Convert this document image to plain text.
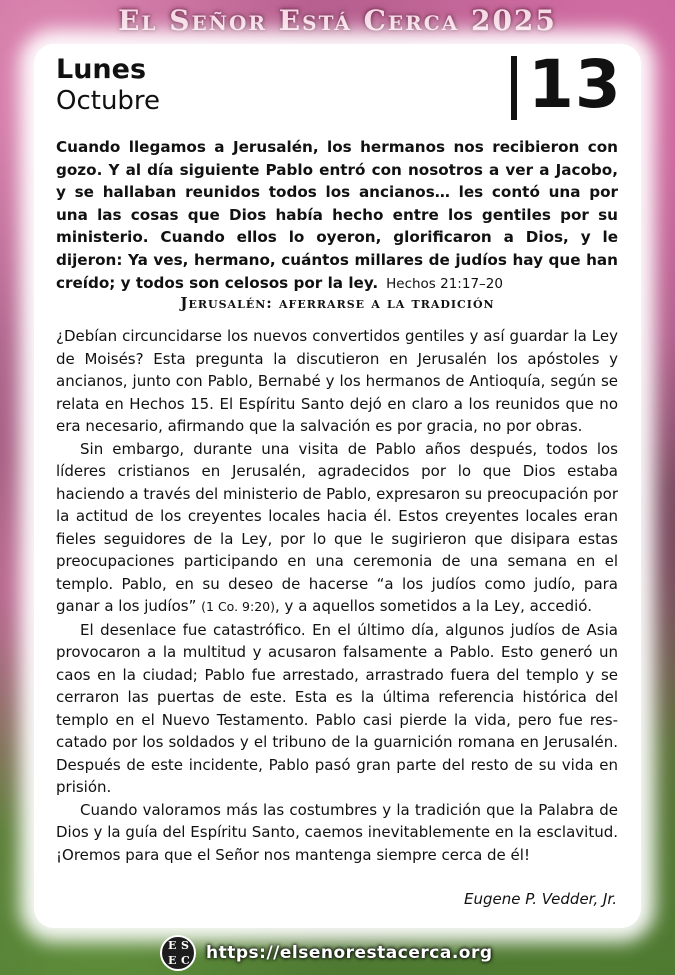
El Señor Está Cerca 2025
Lunes
Octubre	13
Cuando llegamos a Jerusalén, los hermanos nos recibieron con gozo. Y al día siguiente Pablo entró con nosotros a ver a Jacobo, y se hallaban reunidos todos los ancianos… les contó una por una las cosas que Dios había hecho entre los gentiles por su ministerio. Cuando ellos lo oyeron, glorificaron a Dios, y le dijeron: Ya ves, hermano, cuántos millares de judíos hay que han creído; y todos son celosos por la ley. Hechos 21:17–20
Jerusalén: aferrarse a la tradición

¿Debían circuncidarse los nuevos convertidos gentiles y así guardar la Ley de Moisés? Esta pregunta la discutieron en Jerusalén los apóstoles y ancianos, junto con Pablo, Bernabé y los hermanos de Antioquía, según se relata en Hechos 15. El Espíritu Santo dejó en claro a los reunidos que no era necesario, afirmando que la salvación es por gracia, no por obras.

Sin embargo, durante una visita de Pablo años después, todos los líderes cristianos en Jerusalén, agradecidos por lo que Dios estaba haciendo a través del ministerio de Pablo, expresaron su preocupación por la actitud de los creyentes locales hacia él. Estos creyentes locales eran fieles seguidores de la Ley, por lo que le sugirieron que disipara estas preocupaciones participando en una ceremonia de una semana en el templo. Pablo, en su deseo de hacerse “a los judíos como judío, para ganar a los judíos” (1 Co. 9:20), y a aquellos sometidos a la Ley, accedió.

El desenlace fue catastrófico. En el último día, algunos judíos de Asia provocaron a la multitud y acusaron falsamente a Pablo. Esto generó un caos en la ciudad; Pablo fue arrestado, arrastrado fuera del templo y se cerraron las puertas de este. Esta es la última referencia histórica del templo en el Nuevo Testamento. Pablo casi pierde la vida, pero fue rescatado por los soldados y el tribuno de la guarnición romana en Jerusalén. Después de este incidente, Pablo pasó gran parte del resto de su vida en prisión.

Cuando valoramos más las costumbres y la tradición que la Palabra de Dios y la guía del Espíritu Santo, caemos inevitablemente en la esclavitud. ¡Oremos para que el Señor nos mantenga siempre cerca de él!

Eugene P. Vedder, Jr.
E S
E C https://elsenorestacerca.org
